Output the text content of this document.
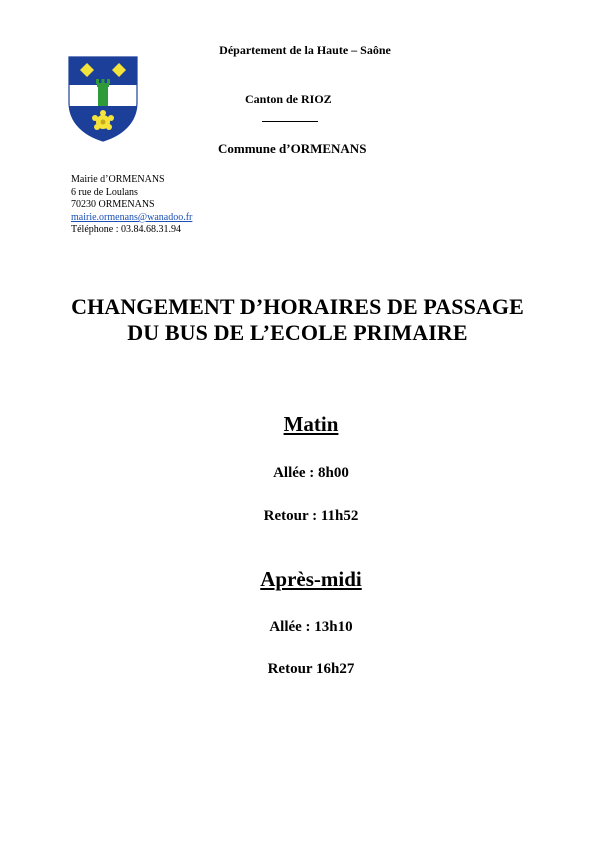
Département de la Haute – Saône
Canton de RIOZ
Commune d’ORMENANS
Mairie d’ORMENANS
6 rue de Loulans
70230 ORMENANS
mairie.ormenans@wanadoo.fr
Téléphone : 03.84.68.31.94
CHANGEMENT D’HORAIRES DE PASSAGE
DU BUS DE L’ECOLE PRIMAIRE
Matin
Allée : 8h00
Retour : 11h52
Après-midi
Allée : 13h10
Retour 16h27
